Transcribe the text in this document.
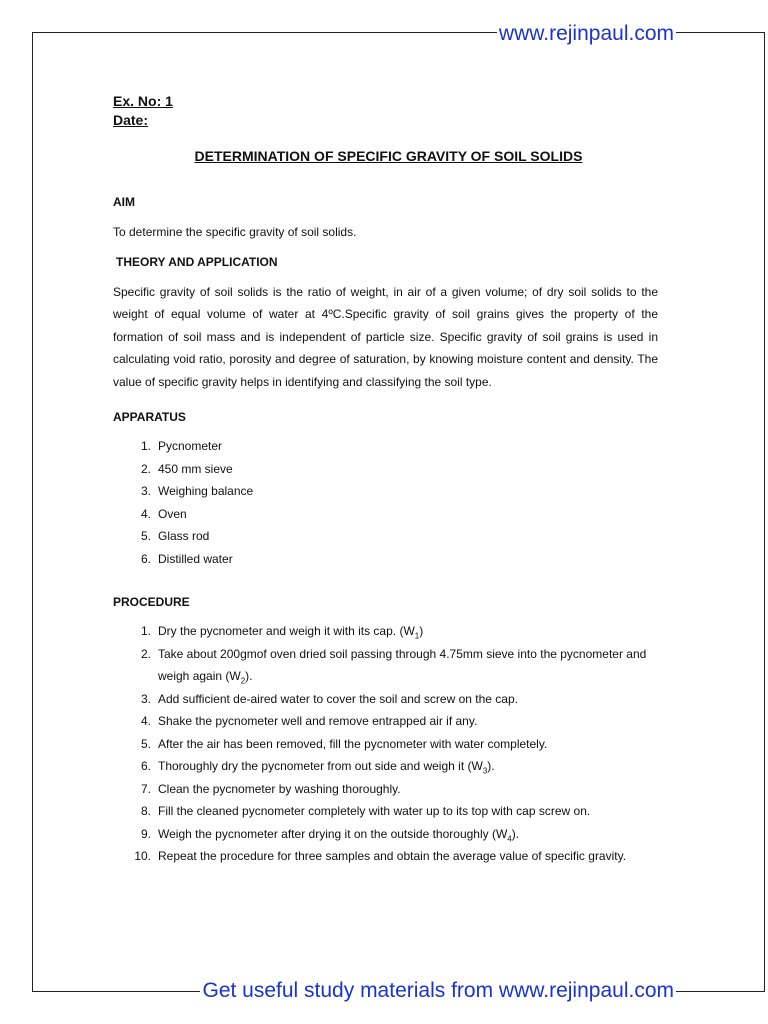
www.rejinpaul.com
Ex. No: 1
Date:
DETERMINATION OF SPECIFIC GRAVITY OF SOIL SOLIDS
AIM
To determine the specific gravity of soil solids.
THEORY AND APPLICATION
Specific gravity of soil solids is the ratio of weight, in air of a given volume; of dry soil solids to the weight of equal volume of water at 4ºC.Specific gravity of soil grains gives the property of the formation of soil mass and is independent of particle size. Specific gravity of soil grains is used in calculating void ratio, porosity and degree of saturation, by knowing moisture content and density. The value of specific gravity helps in identifying and classifying the soil type.
APPARATUS
1. Pycnometer
2. 450 mm sieve
3. Weighing balance
4. Oven
5. Glass rod
6. Distilled water
PROCEDURE
1. Dry the pycnometer and weigh it with its cap. $(W_1)$
2. Take about 200gmof oven dried soil passing through 4.75mm sieve into the pycnometer and weigh again $(W_2)$.
3. Add sufficient de-aired water to cover the soil and screw on the cap.
4. Shake the pycnometer well and remove entrapped air if any.
5. After the air has been removed, fill the pycnometer with water completely.
6. Thoroughly dry the pycnometer from out side and weigh it $(W_3)$.
7. Clean the pycnometer by washing thoroughly.
8. Fill the cleaned pycnometer completely with water up to its top with cap screw on.
9. Weigh the pycnometer after drying it on the outside thoroughly $(W_4)$.
10. Repeat the procedure for three samples and obtain the average value of specific gravity.
Get useful study materials from www.rejinpaul.com
